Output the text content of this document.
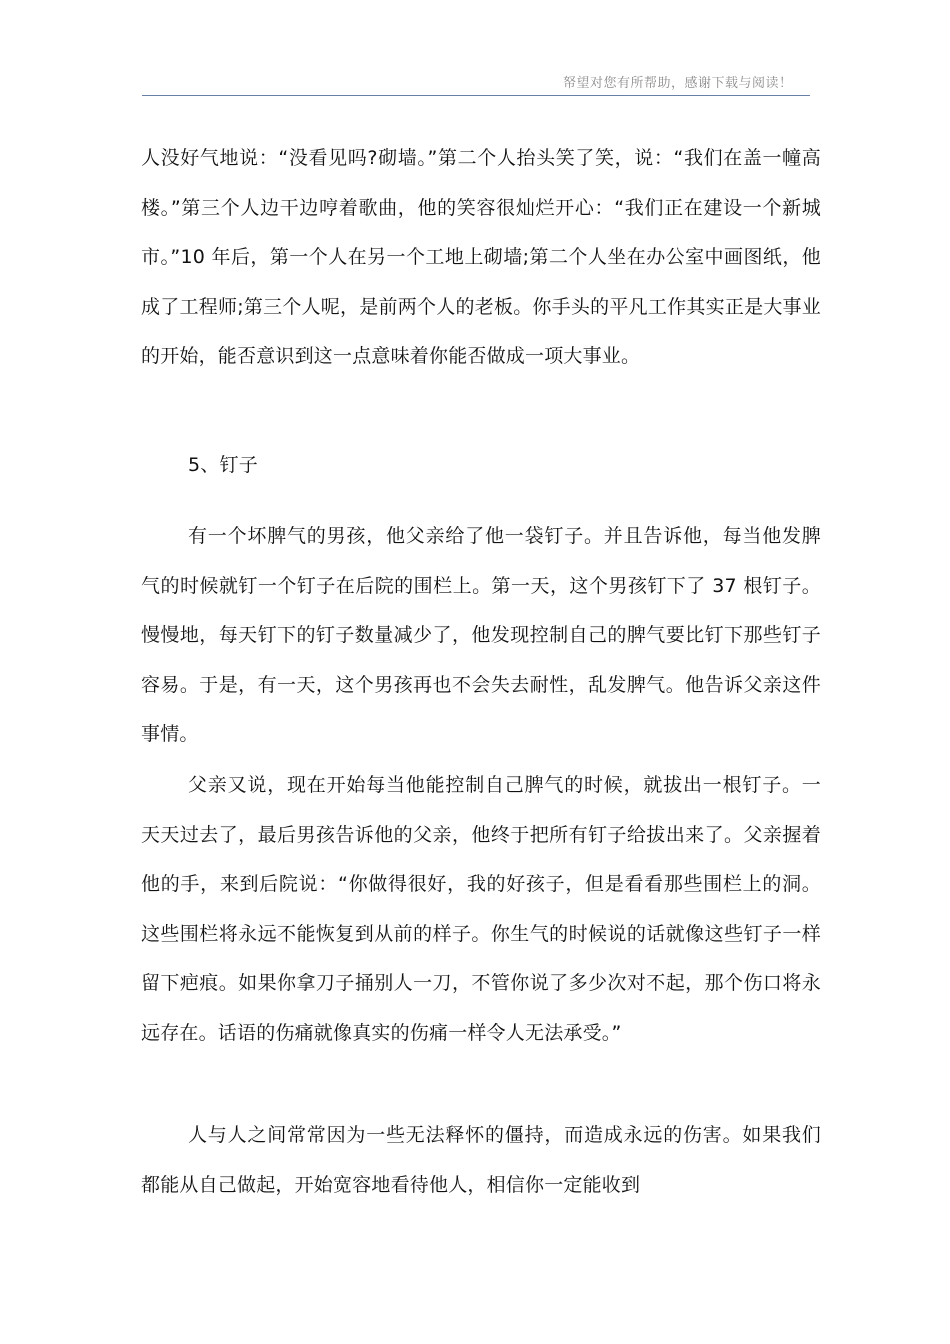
帑望对您有所帮助，感谢下载与阅读！

人没好气地说：“没看见吗?砌墙。”第二个人抬头笑了笑，说：“我们在盖一幢高楼。”第三个人边干边哼着歌曲，他的笑容很灿烂开心：“我们正在建设一个新城市。”10 年后，第一个人在另一个工地上砌墙;第二个人坐在办公室中画图纸，他成了工程师;第三个人呢，是前两个人的老板。你手头的平凡工作其实正是大事业的开始，能否意识到这一点意味着你能否做成一项大事业。

5、钉子

有一个坏脾气的男孩，他父亲给了他一袋钉子。并且告诉他，每当他发脾气的时候就钉一个钉子在后院的围栏上。第一天，这个男孩钉下了 37 根钉子。慢慢地，每天钉下的钉子数量减少了，他发现控制自己的脾气要比钉下那些钉子容易。于是，有一天，这个男孩再也不会失去耐性，乱发脾气。他告诉父亲这件事情。

父亲又说，现在开始每当他能控制自己脾气的时候，就拔出一根钉子。一天天过去了，最后男孩告诉他的父亲，他终于把所有钉子给拔出来了。父亲握着他的手，来到后院说：“你做得很好，我的好孩子，但是看看那些围栏上的洞。这些围栏将永远不能恢复到从前的样子。你生气的时候说的话就像这些钉子一样留下疤痕。如果你拿刀子捅别人一刀，不管你说了多少次对不起，那个伤口将永远存在。话语的伤痛就像真实的伤痛一样令人无法承受。”

人与人之间常常因为一些无法释怀的僵持，而造成永远的伤害。如果我们都能从自己做起，开始宽容地看待他人，相信你一定能收到
